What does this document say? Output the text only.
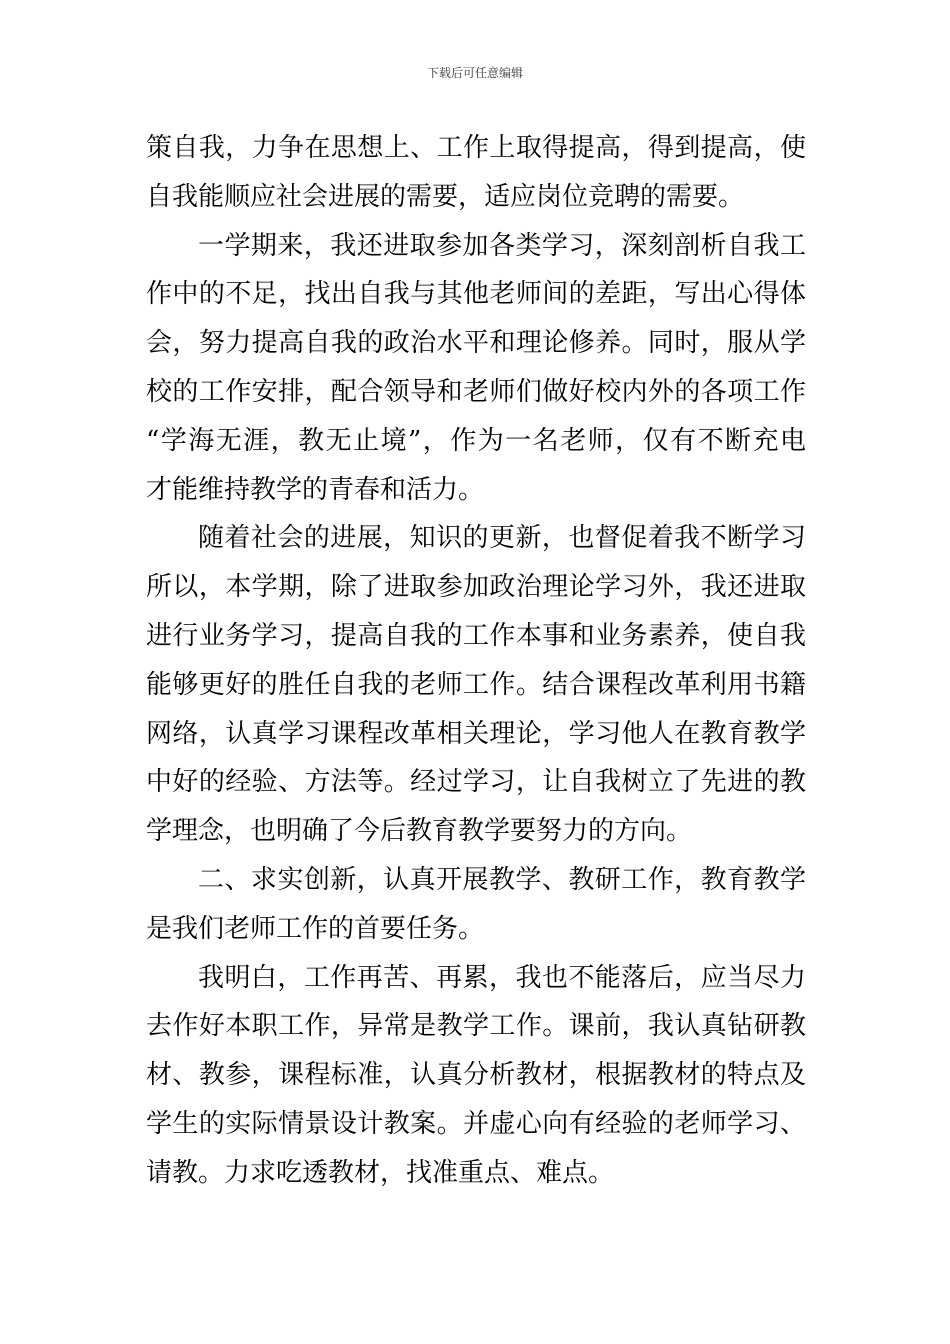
下载后可任意编辑
策自我，力争在思想上、工作上取得提高，得到提高，使
自我能顺应社会进展的需要，适应岗位竞聘的需要。
一学期来，我还进取参加各类学习，深刻剖析自我工
作中的不足，找出自我与其他老师间的差距，写出心得体
会，努力提高自我的政治水平和理论修养。同时，服从学
校的工作安排，配合领导和老师们做好校内外的各项工作
“学海无涯，教无止境”，作为一名老师，仅有不断充电
才能维持教学的青春和活力。
随着社会的进展，知识的更新，也督促着我不断学习
所以，本学期，除了进取参加政治理论学习外，我还进取
进行业务学习，提高自我的工作本事和业务素养，使自我
能够更好的胜任自我的老师工作。结合课程改革利用书籍
网络，认真学习课程改革相关理论，学习他人在教育教学
中好的经验、方法等。经过学习，让自我树立了先进的教
学理念，也明确了今后教育教学要努力的方向。
二、求实创新，认真开展教学、教研工作，教育教学
是我们老师工作的首要任务。
我明白，工作再苦、再累，我也不能落后，应当尽力
去作好本职工作，异常是教学工作。课前，我认真钻研教
材、教参，课程标准，认真分析教材，根据教材的特点及
学生的实际情景设计教案。并虚心向有经验的老师学习、
请教。力求吃透教材，找准重点、难点。
